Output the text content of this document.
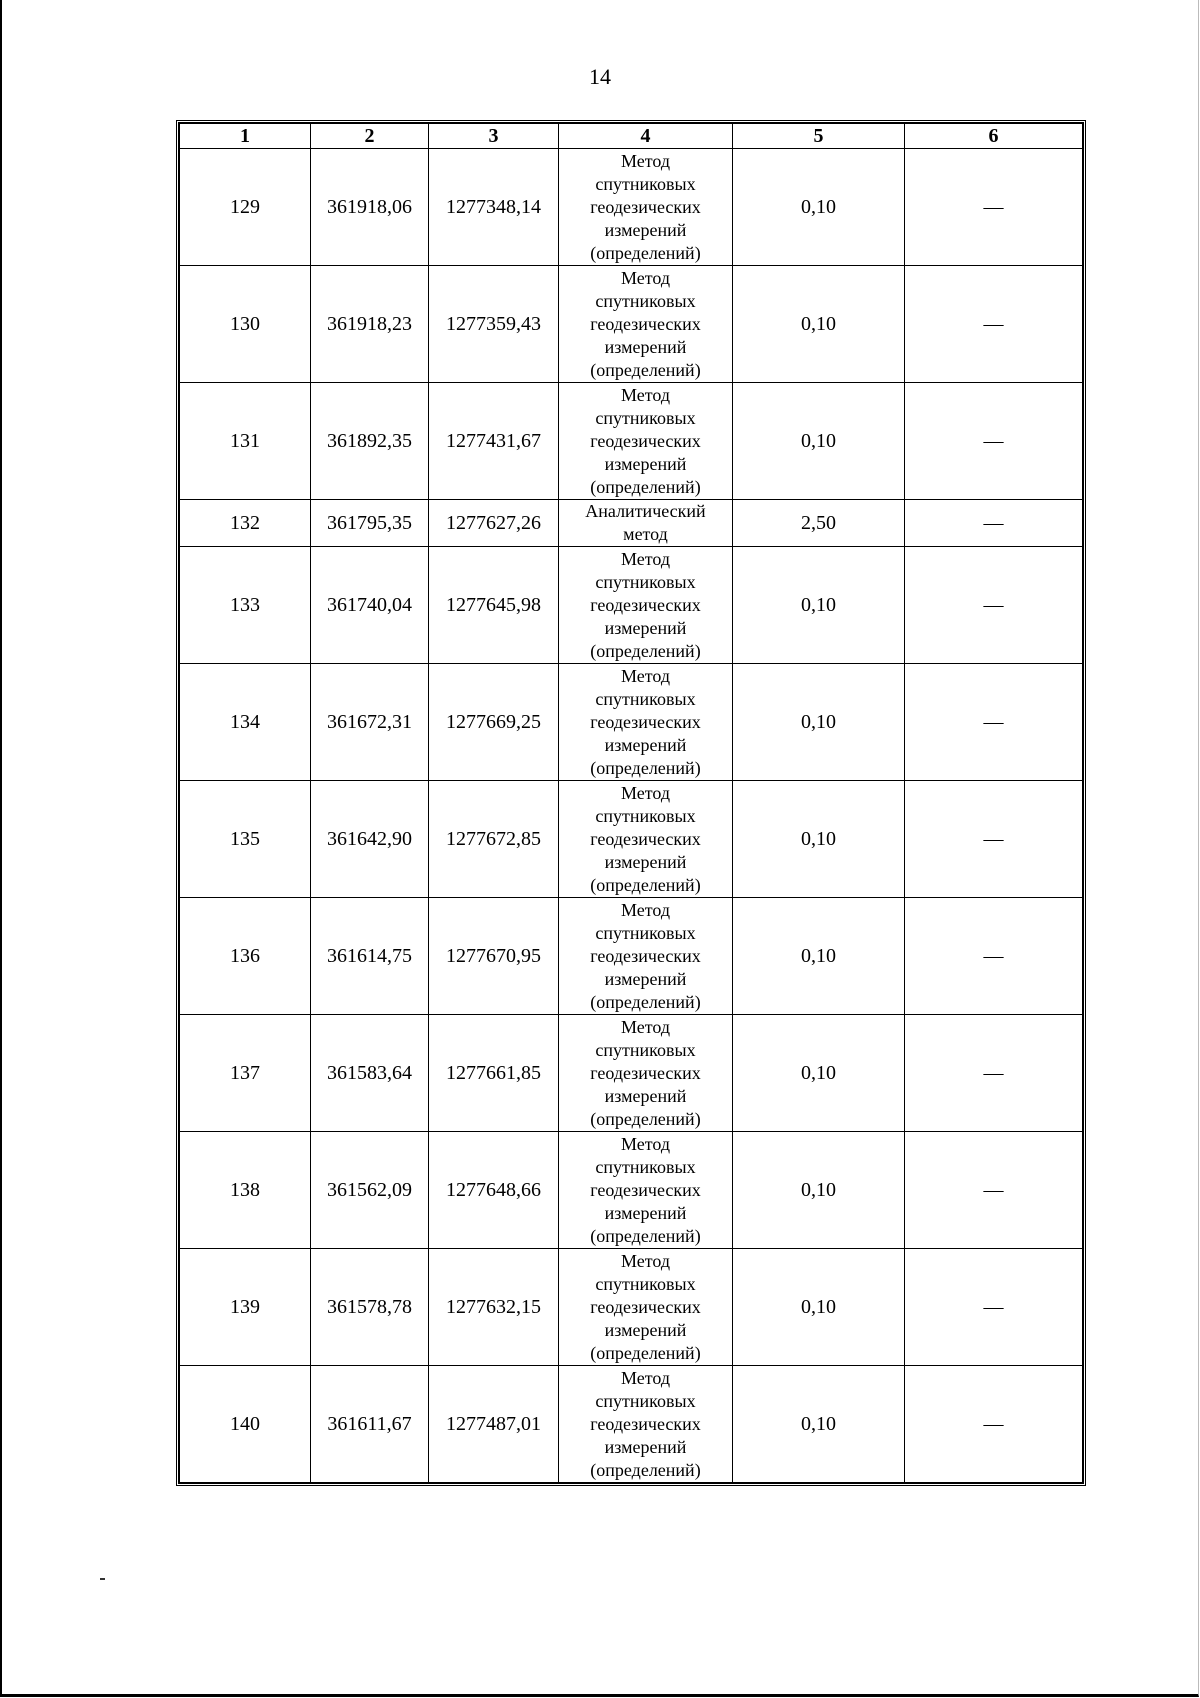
14
1	2	3	4	5	6
129	361918,06	1277348,14	Метод
спутниковых
геодезических
измерений
(определений)	0,10	—
130	361918,23	1277359,43	Метод
спутниковых
геодезических
измерений
(определений)	0,10	—
131	361892,35	1277431,67	Метод
спутниковых
геодезических
измерений
(определений)	0,10	—
132	361795,35	1277627,26	Аналитический
метод	2,50	—
133	361740,04	1277645,98	Метод
спутниковых
геодезических
измерений
(определений)	0,10	—
134	361672,31	1277669,25	Метод
спутниковых
геодезических
измерений
(определений)	0,10	—
135	361642,90	1277672,85	Метод
спутниковых
геодезических
измерений
(определений)	0,10	—
136	361614,75	1277670,95	Метод
спутниковых
геодезических
измерений
(определений)	0,10	—
137	361583,64	1277661,85	Метод
спутниковых
геодезических
измерений
(определений)	0,10	—
138	361562,09	1277648,66	Метод
спутниковых
геодезических
измерений
(определений)	0,10	—
139	361578,78	1277632,15	Метод
спутниковых
геодезических
измерений
(определений)	0,10	—
140	361611,67	1277487,01	Метод
спутниковых
геодезических
измерений
(определений)	0,10	—
